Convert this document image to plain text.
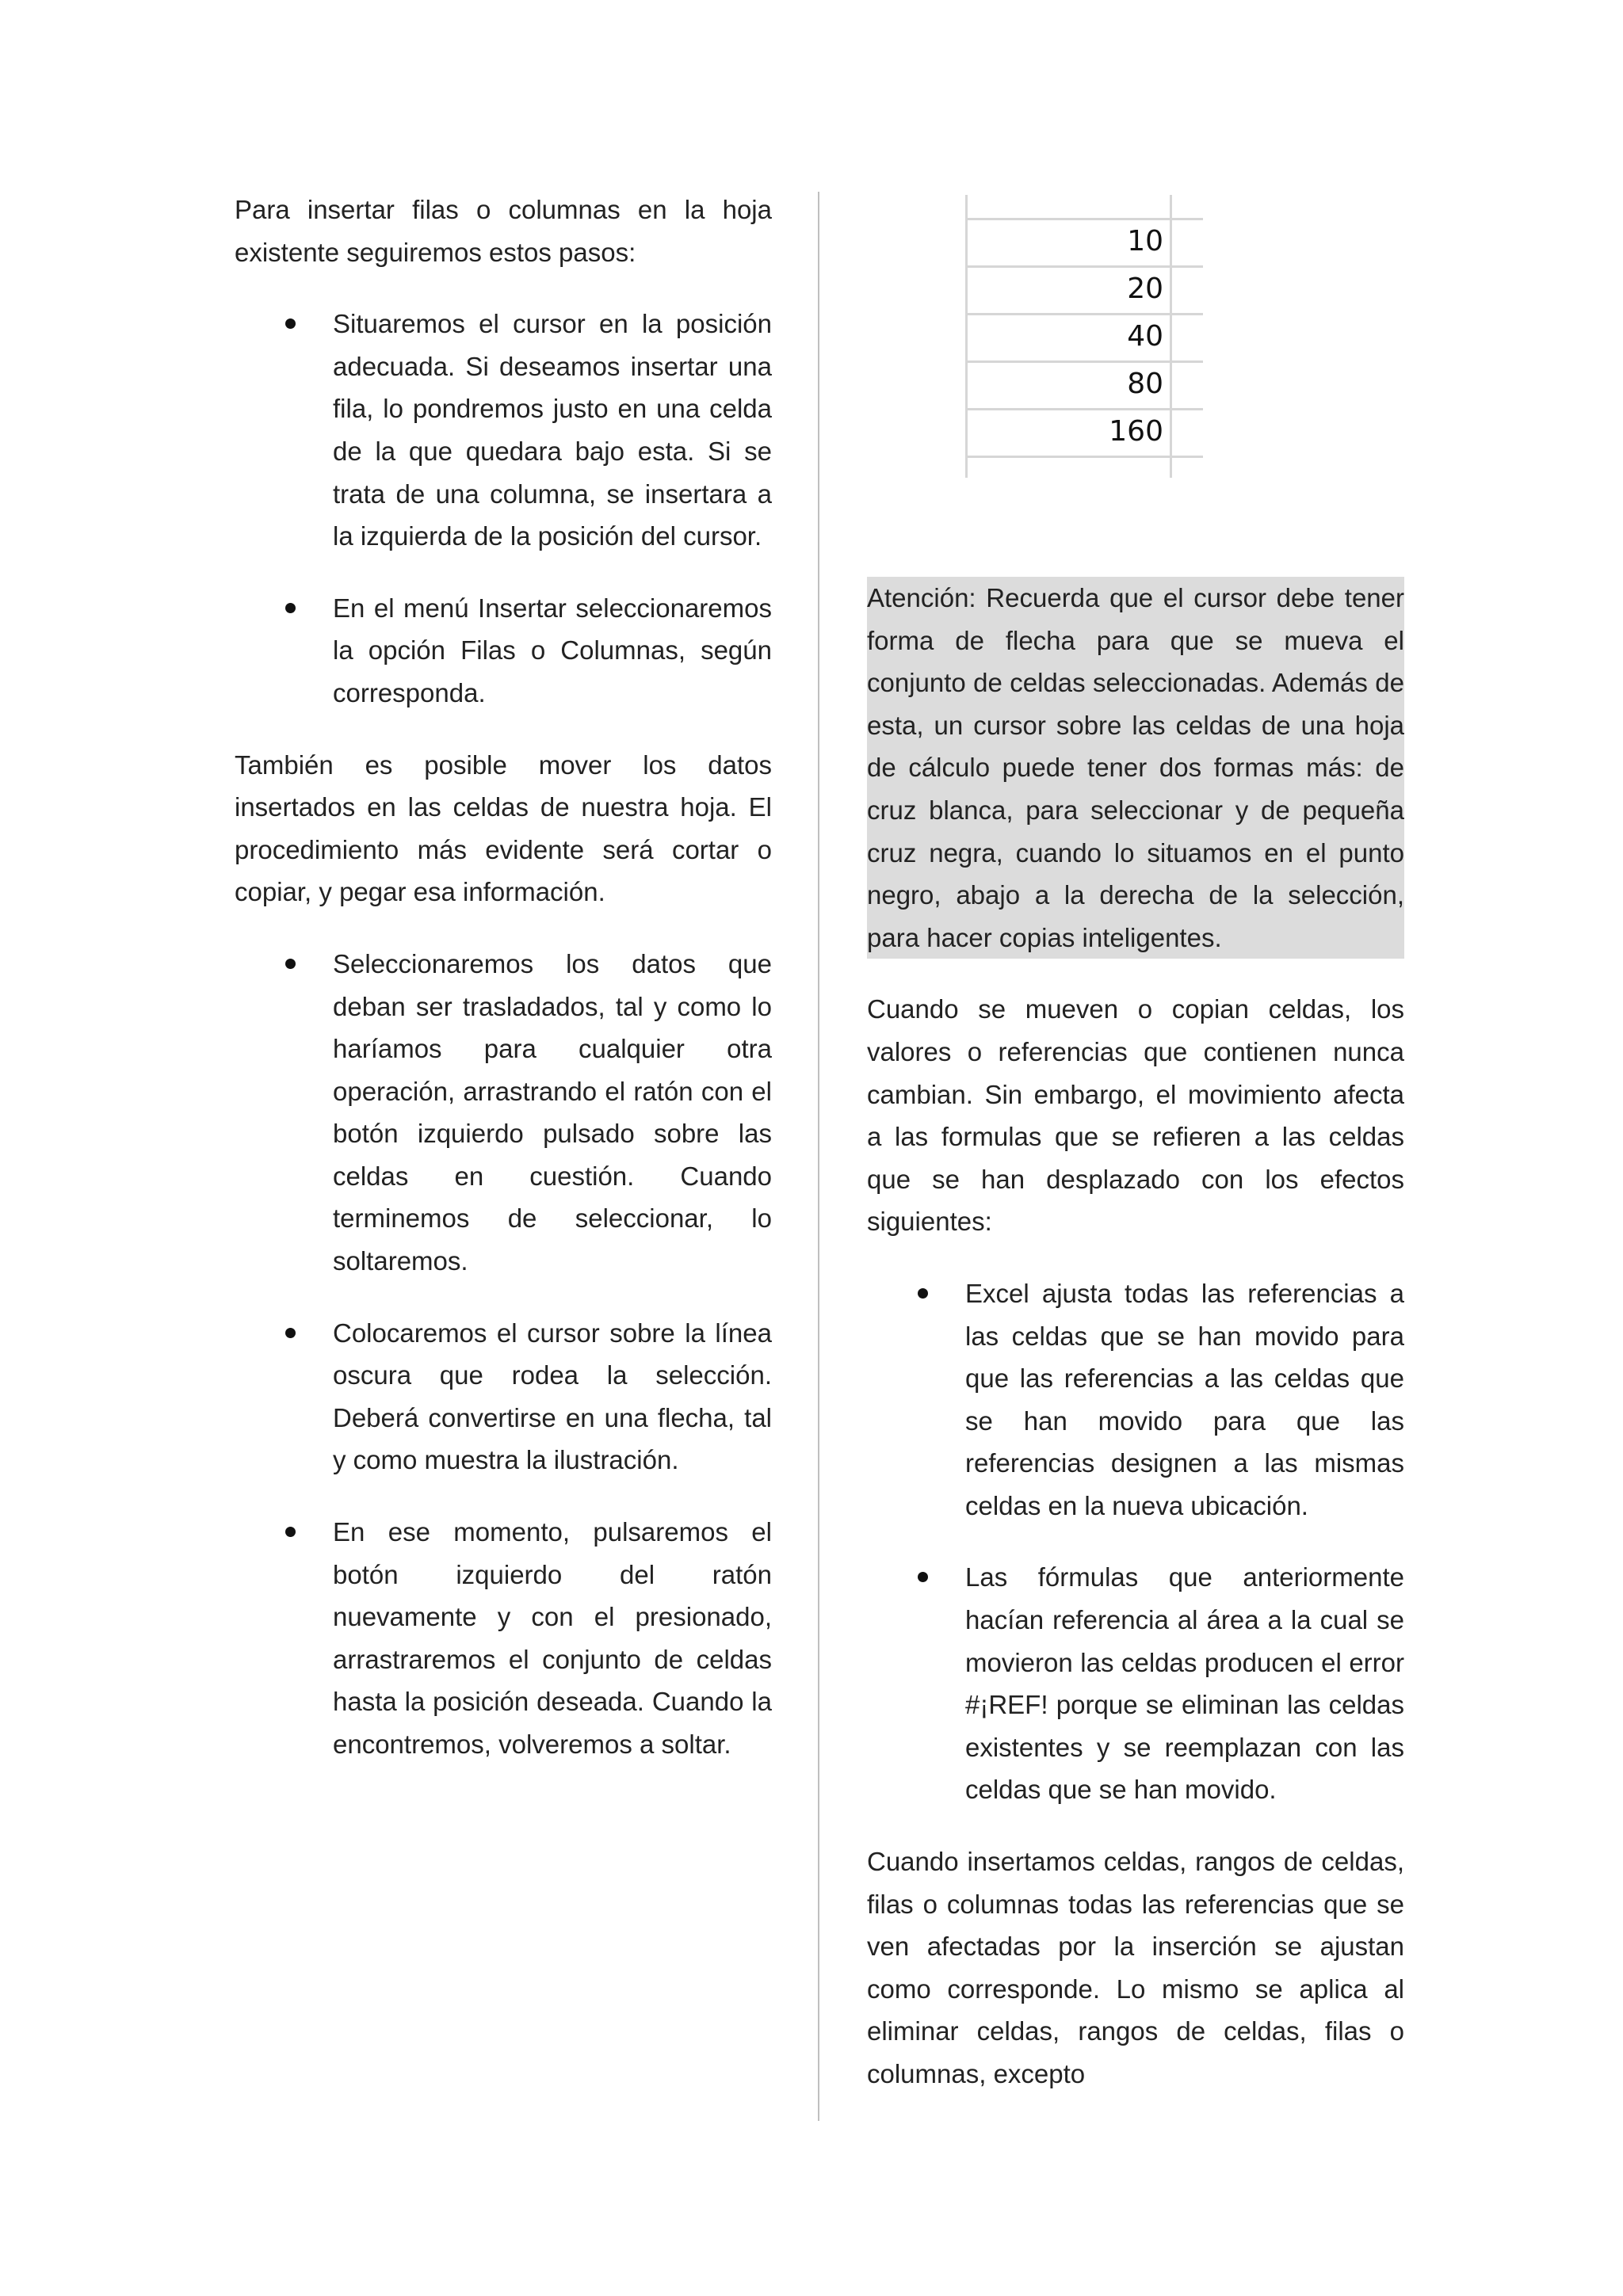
Para insertar filas o columnas en la hoja existente seguiremos estos pasos:

Situaremos el cursor en la posición adecuada. Si deseamos insertar una fila, lo pondremos justo en una celda de la que quedara bajo esta. Si se trata de una columna, se insertara a la izquierda de la posición del cursor.
En el menú Insertar seleccionaremos la opción Filas o Columnas, según corresponda.

También es posible mover los datos insertados en las celdas de nuestra hoja. El procedimiento más evidente será cortar o copiar, y pegar esa información.

Seleccionaremos los datos que deban ser trasladados, tal y como lo haríamos para cualquier otra operación, arrastrando el ratón con el botón izquierdo pulsado sobre las celdas en cuestión. Cuando terminemos de seleccionar, lo soltaremos.
Colocaremos el cursor sobre la línea oscura que rodea la selección. Deberá convertirse en una flecha, tal y como muestra la ilustración.
En ese momento, pulsaremos el botón izquierdo del ratón nuevamente y con el presionado, arrastraremos el conjunto de celdas hasta la posición deseada. Cuando la encontremos, volveremos a soltar.
10
20
40
80
160

Atención: Recuerda que el cursor debe tener forma de flecha para que se mueva el conjunto de celdas seleccionadas. Además de esta, un cursor sobre las celdas de una hoja de cálculo puede tener dos formas más: de cruz blanca, para seleccionar y de pequeña cruz negra, cuando lo situamos en el punto negro, abajo a la derecha de la selección, para hacer copias inteligentes.

Cuando se mueven o copian celdas, los valores o referencias que contienen nunca cambian. Sin embargo, el movimiento afecta a las formulas que se refieren a las celdas que se han desplazado con los efectos siguientes:

Excel ajusta todas las referencias a las celdas que se han movido para que las referencias a las celdas que se han movido para que las referencias designen a las mismas celdas en la nueva ubicación.
Las fórmulas que anteriormente hacían referencia al área a la cual se movieron las celdas producen el error #¡REF! porque se eliminan las celdas existentes y se reemplazan con las celdas que se han movido.

Cuando insertamos celdas, rangos de celdas, filas o columnas todas las referencias que se ven afectadas por la inserción se ajustan como corresponde. Lo mismo se aplica al eliminar celdas, rangos de celdas, filas o columnas, excepto
